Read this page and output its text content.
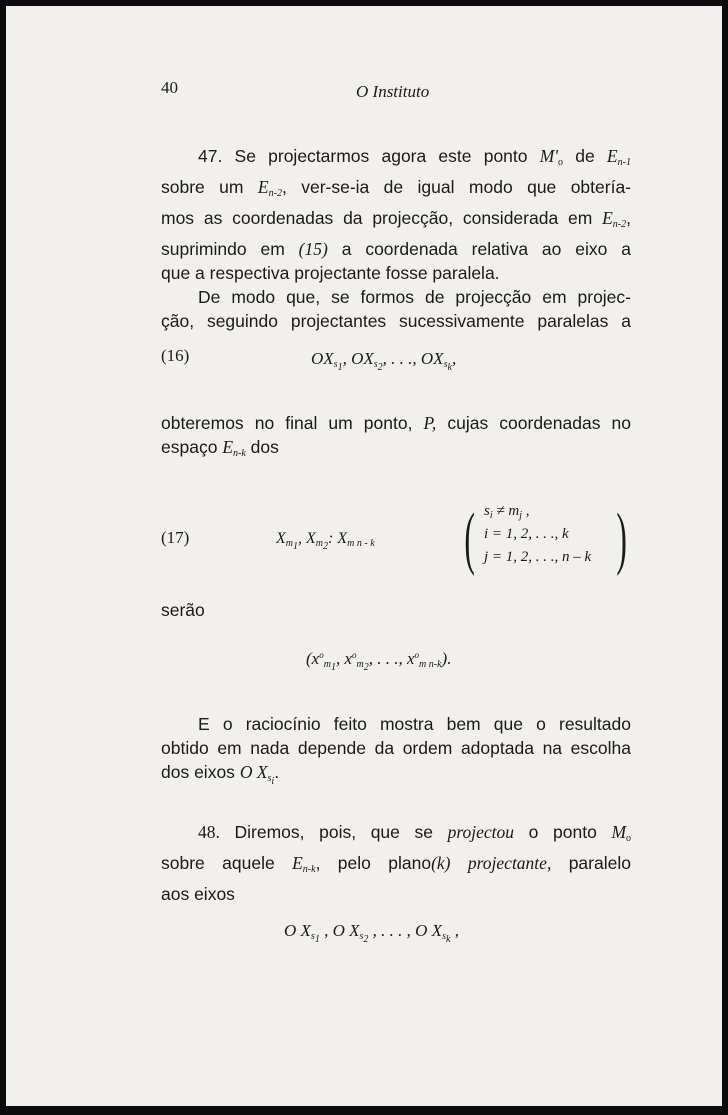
40	O Instituto
47. Se projectarmos agora este ponto $M'_o$ de $E_{n-1}$
sobre um $E_{n-2}$, ver-se-ia de igual modo que obtería-
mos as coordenadas da projecção, considerada em $E_{n-2}$,
suprimindo em (15) a coordenada relativa ao eixo a
que a respectiva projectante fosse paralela.
De modo que, se formos de projecção em projec-
ção, seguindo projectantes sucessivamente paralelas a
(16)	$OX_{s_1}$, $OX_{s_2}$, . . ., $OX_{s_k}$,
obteremos no final um ponto, P, cujas coordenadas no
espaço $E_{n-k}$ dos
(17)	$X_{m_1}$, $X_{m_2}$: $X_{m n - k}$ ( $s_i \ne m_j$ ,
i = 1, 2, . . ., k
j = 1, 2, . . ., n – k )
serão
($x^o_{m_1}$, $x^o_{m_2}$, . . ., $x^o_{m n-k}$).
E o raciocínio feito mostra bem que o resultado
obtido em nada depende da ordem adoptada na escolha
dos eixos O $X_{s_i}$.
48. Diremos, pois, que se projectou o ponto $M_o$
sobre aquele $E_{n-k}$, pelo plano(k) projectante, paralelo
aos eixos
O $X_{s_1}$ , O $X_{s_2}$ , . . . , O $X_{s_k}$ ,
